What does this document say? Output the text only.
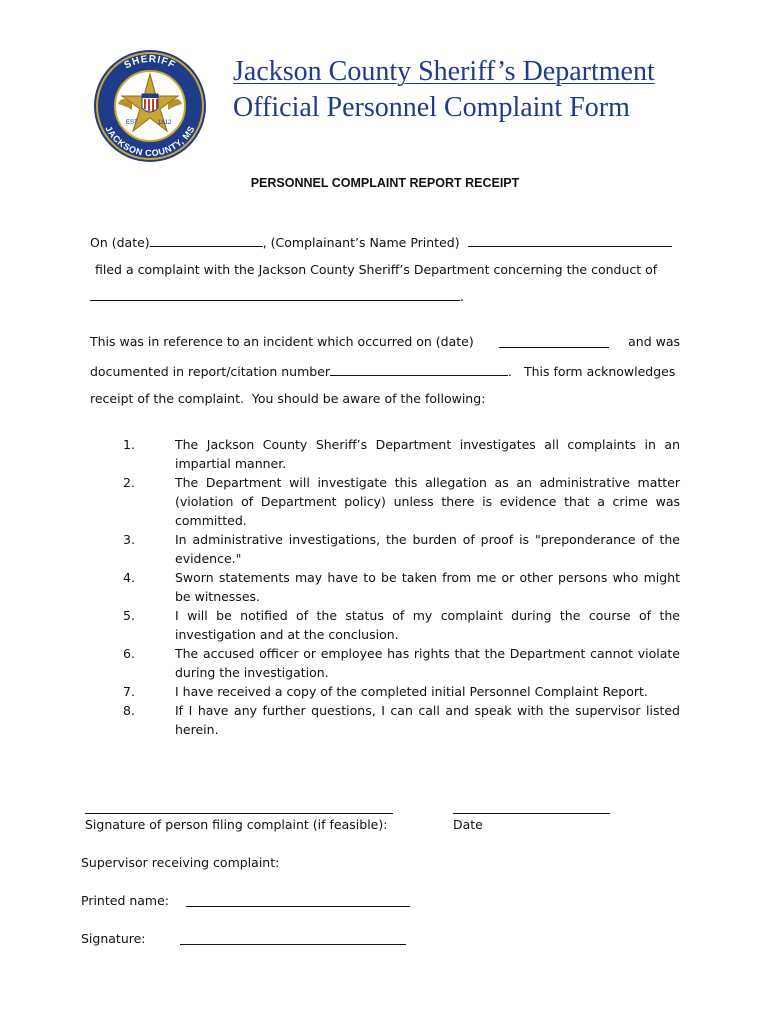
SHERIFF
EST.	1812
SHERIFF
JACKSON COUNTY, MS
Jackson County Sheriff’s Department
Official Personnel Complaint Form
PERSONNEL COMPLAINT REPORT RECEIPT
On (date)	, (Complainant’s Name Printed)
filed a complaint with the Jackson County Sheriff’s Department concerning the conduct of
.
This was in reference to an incident which occurred on (date)	and was
documented in report/citation number	.   This form acknowledges
receipt of the complaint.  You should be aware of the following:
1.	The Jackson County Sheriff’s Department investigates all complaints in an impartial manner.
2.	The Department will investigate this allegation as an administrative matter (violation of Department policy) unless there is evidence that a crime was committed.
3.	In administrative investigations, the burden of proof is "preponderance of the evidence."
4.	Sworn statements may have to be taken from me or other persons who might be witnesses.
5.	I will be notified of the status of my complaint during the course of the investigation and at the conclusion.
6.	The accused officer or employee has rights that the Department cannot violate during the investigation.
7.	I have received a copy of the completed initial Personnel Complaint Report.
8.	If I have any further questions, I can call and speak with the supervisor listed herein.
Signature of person filing complaint (if feasible):	Date
Supervisor receiving complaint:
Printed name:
Signature:
